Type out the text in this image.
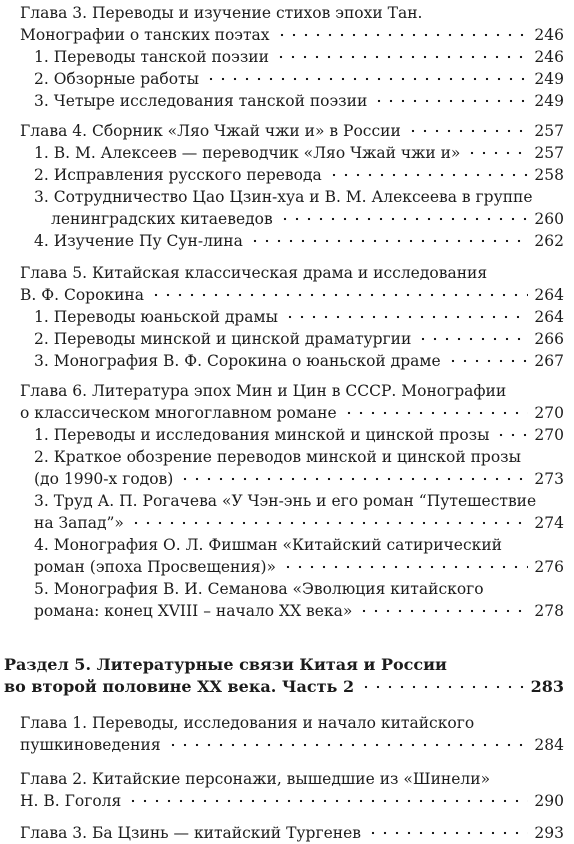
Глава 3. Переводы и изучение стихов эпохи Тан.
Монографии о танских поэтах	246
1. Переводы танской поэзии	246
2. Обзорные работы	249
3. Четыре исследования танской поэзии	249
Глава 4. Сборник «Ляо Чжай чжи и» в России	257
1. В. М. Алексеев — переводчик «Ляо Чжай чжи и»	257
2. Исправления русского перевода	258
3. Сотрудничество Цао Цзин-хуа и В. М. Алексеева в группе
ленинградских китаеведов	260
4. Изучение Пу Сун-лина	262
Глава 5. Китайская классическая драма и исследования
В. Ф. Сорокина	264
1. Переводы юаньской драмы	264
2. Переводы минской и цинской драматургии	266
3. Монография В. Ф. Сорокина о юаньской драме	267
Глава 6. Литература эпох Мин и Цин в СССР. Монографии
о классическом многоглавном романе	270
1. Переводы и исследования минской и цинской прозы	270
2. Краткое обозрение переводов минской и цинской прозы
(до 1990-х годов)	273
3. Труд А. П. Рогачева «У Чэн-энь и его роман “Путешествие
на Запад”»	274
4. Монография О. Л. Фишман «Китайский сатирический
роман (эпоха Просвещения)»	276
5. Монография В. И. Семанова «Эволюция китайского
романа: конец XVIII – начало XX века»	278
Раздел 5. Литературные связи Китая и России
во второй половине XX века. Часть 2	283
Глава 1. Переводы, исследования и начало китайского
пушкиноведения	284
Глава 2. Китайские персонажи, вышедшие из «Шинели»
Н. В. Гоголя	290
Глава 3. Ба Цзинь — китайский Тургенев	293
